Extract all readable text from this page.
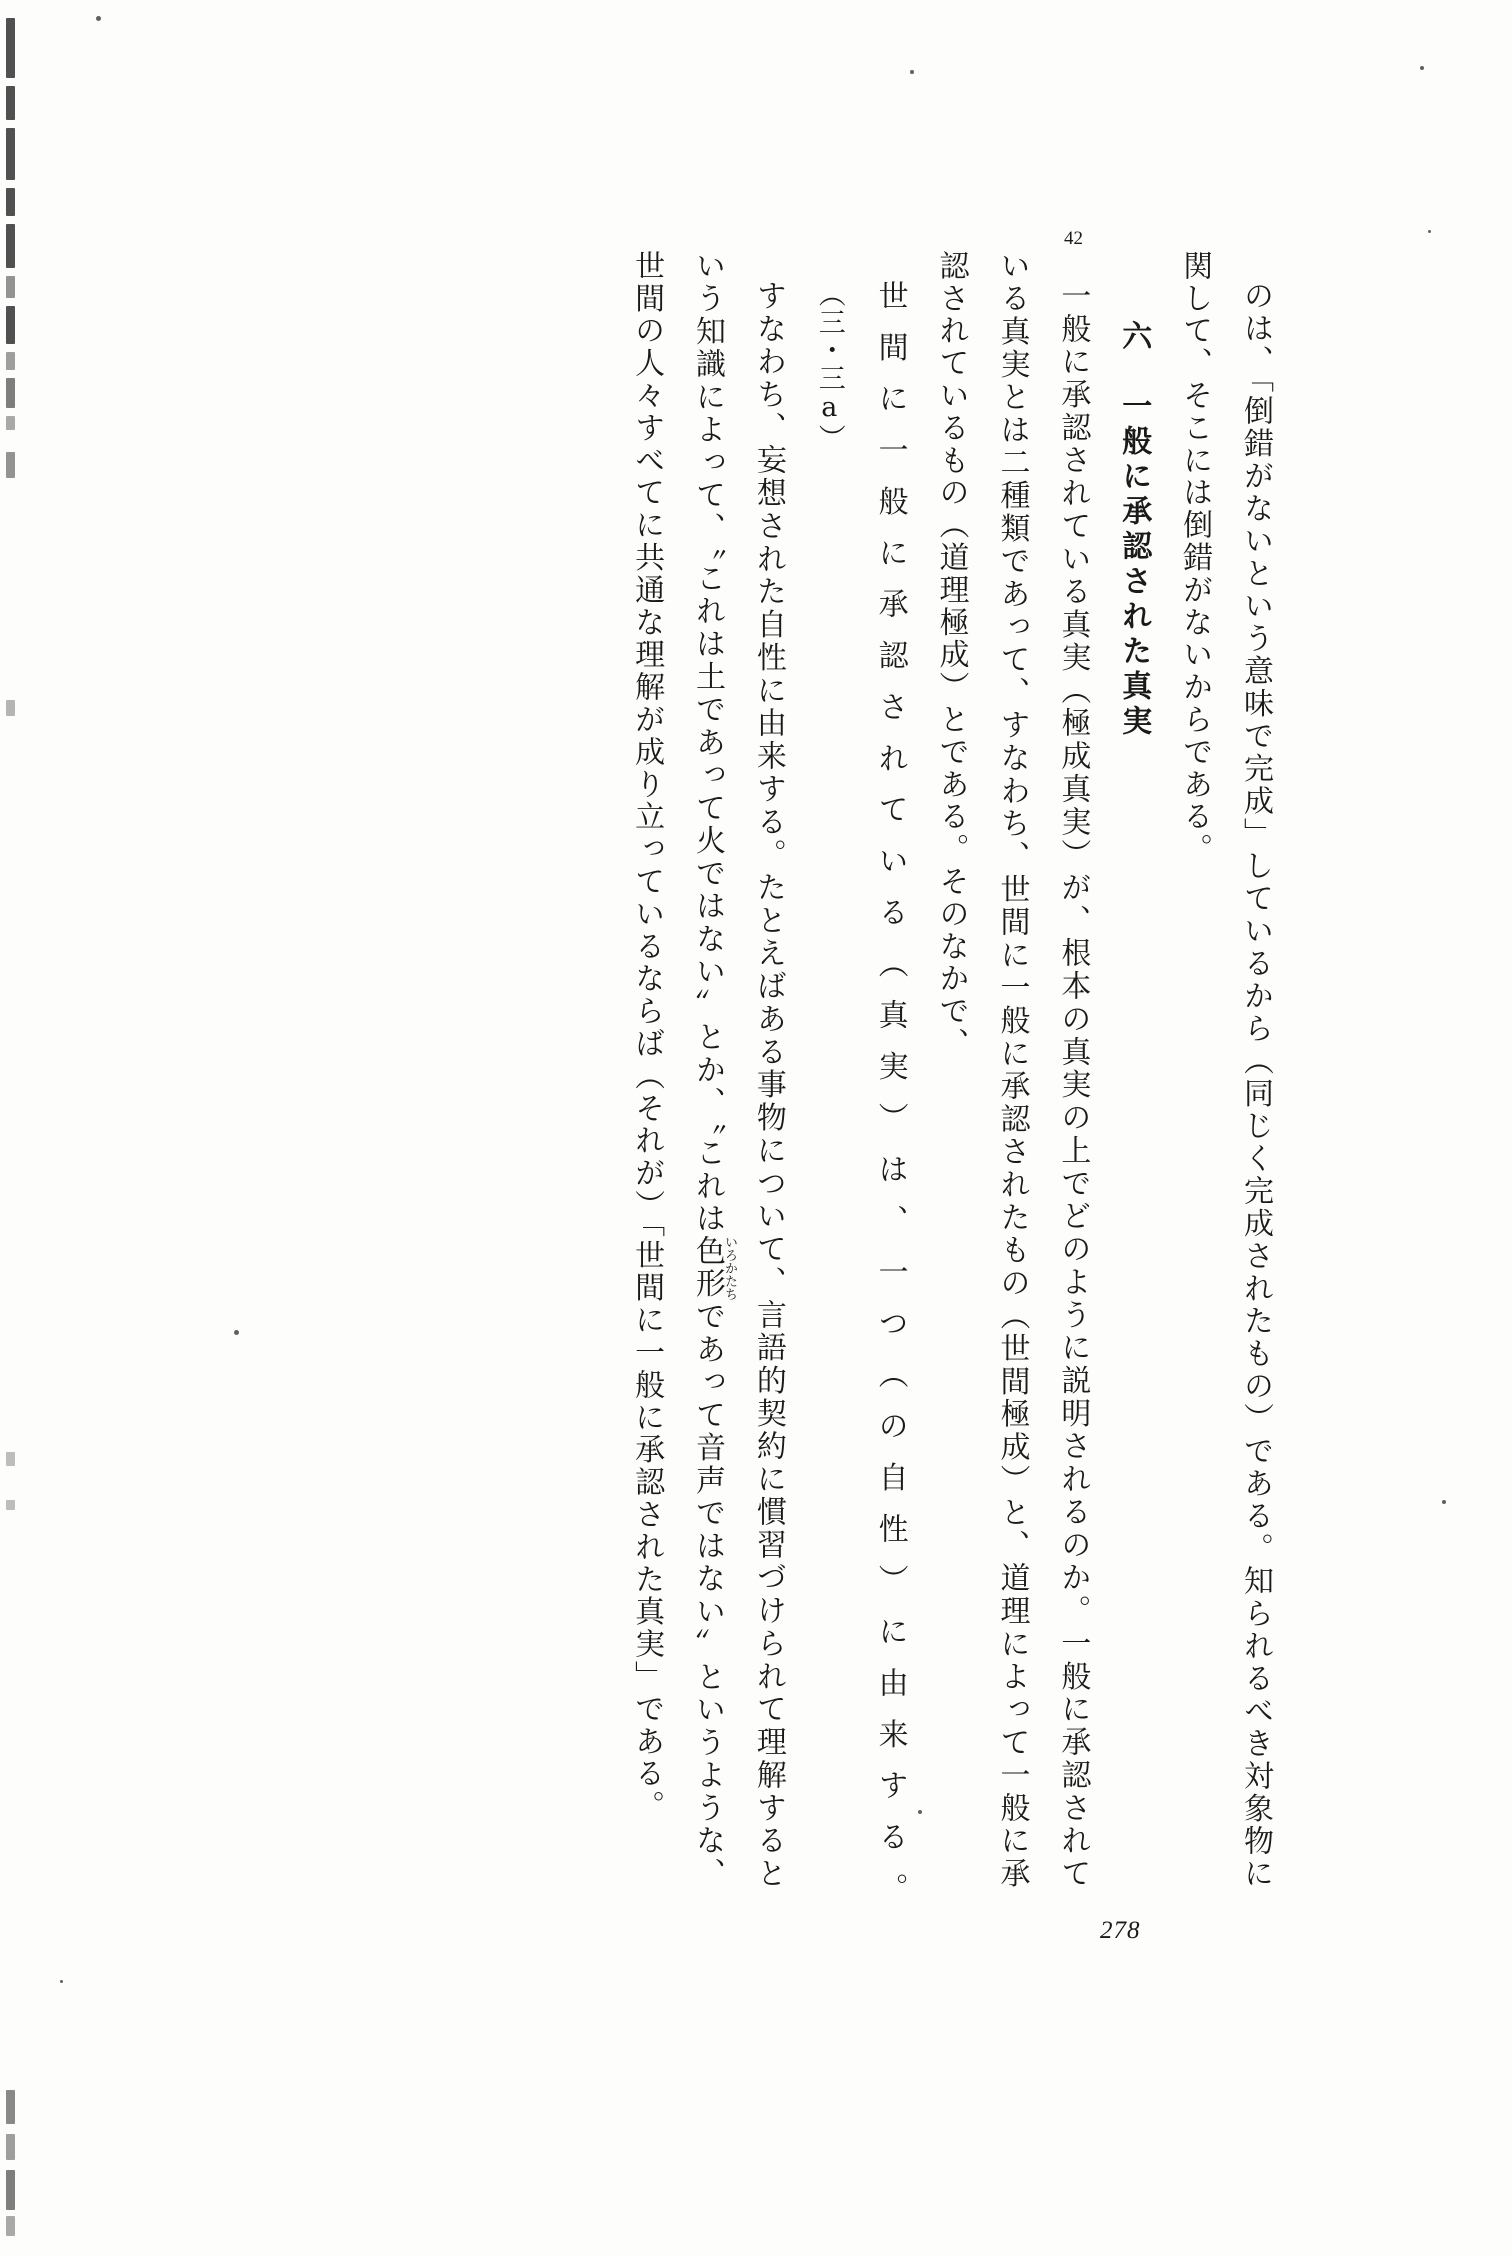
42

のは、「倒錯がないという意味で完成」しているから（同じく完成されたもの）である。知られるべき対象物に関して、そこには倒錯がないからである。

六　一般に承認された真実

一般に承認されている真実（極成真実）が、根本の真実の上でどのように説明されるのか。一般に承認されている真実とは二種類であって、すなわち、世間に一般に承認されたもの（世間極成）と、道理によって一般に承認されているもの（道理極成）とである。そのなかで、

世間に一般に承認されている（真実）は、一つ（の自性）に由来する。　　　　　　　　　　　　　　（三・三a）

すなわち、妄想された自性に由来する。たとえばある事物について、言語的契約に慣習づけられて理解するという知識によって、〝これは土であって火ではない〟とか、〝これは色形いろかたちであって音声ではない〟というような、世間の人々すべてに共通な理解が成り立っているならば（それが）「世間に一般に承認された真実」である。

278
